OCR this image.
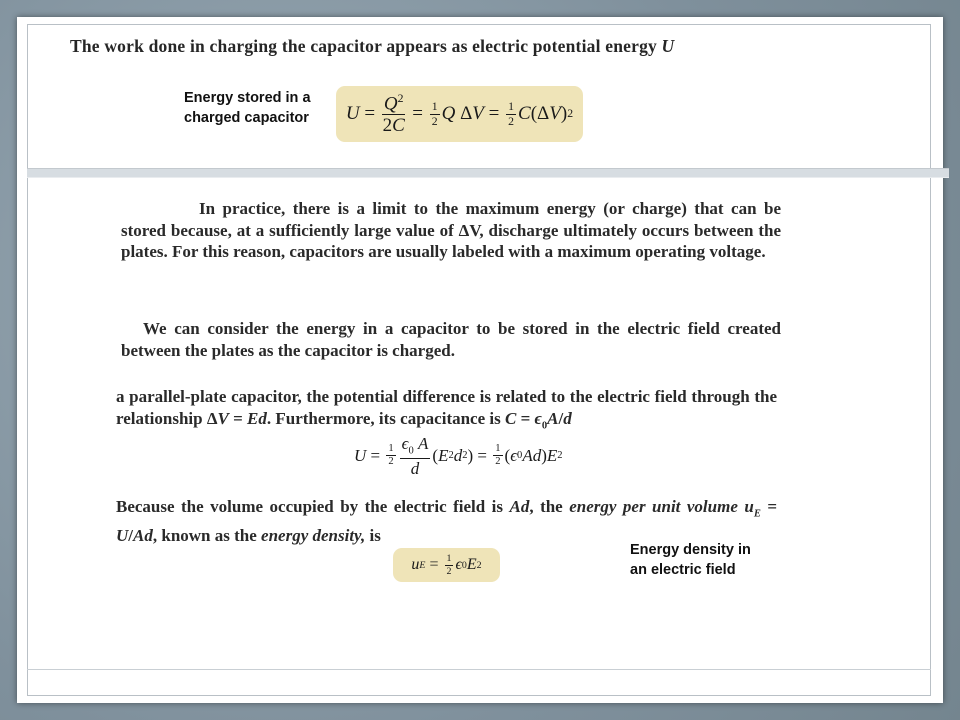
The work done in charging the capacitor appears as electric potential energy U
Energy stored in a
charged capacitor	$U = \frac{Q^2}{2C} = \frac{1}{2}$ Q Δ $V = \frac{1}{2}$ C (Δ V ) 2
In practice, there is a limit to the maximum energy (or charge) that can be stored because, at a sufficiently large value of ΔV, discharge ultimately occurs between the plates. For this reason, capacitors are usually labeled with a maximum operating voltage.
We can consider the energy in a capacitor to be stored in the electric field created between the plates as the capacitor is charged.
a parallel-plate capacitor, the potential difference is related to the electric field through the relationship ΔV = Ed. Furthermore, its capacitance is $C = \epsilon_0A/d$
$U = \frac{1}{2} \frac{\epsilon_0 A}{d}$ ( E 2 d 2 ) = $\frac{1}{2}$ ( ϵ 0 Ad ) E 2
Because the volume occupied by the electric field is Ad, the energy per unit volume $u_E = U/Ad$, known as the energy density, is
u $E = \frac{1}{2}$ ϵ 0 E 2
Energy density in
an electric field
